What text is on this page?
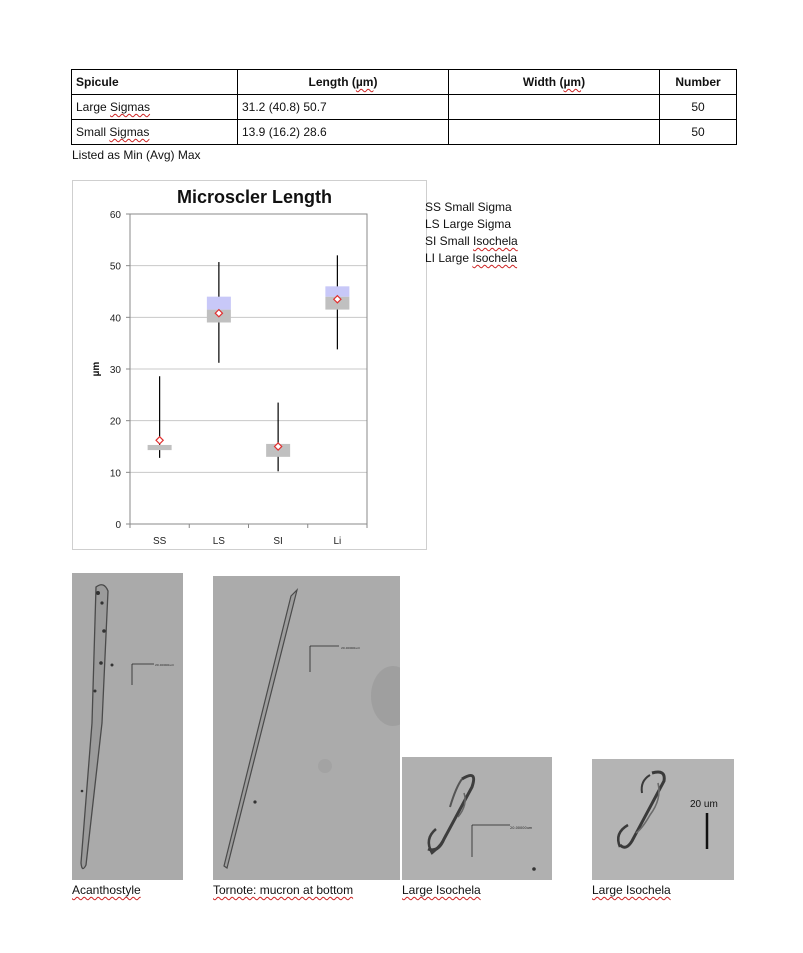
Spicule	Length (µm)	Width (µm)	Number
Large Sigmas	31.2 (40.8) 50.7		50
Small Sigmas	13.9 (16.2) 28.6		50
Listed as Min (Avg) Max
Microscler Length
0
10
20
30
40
50
60
µm
SS	LS	SI	Li
SS Small Sigma
LS Large Sigma
SI Small Isochela
LI Large Isochela
20.00000um
Acanthostyle
20.00000um
Tornote: mucron at bottom
20.00000um
Large Isochela
20 um
Large Isochela
